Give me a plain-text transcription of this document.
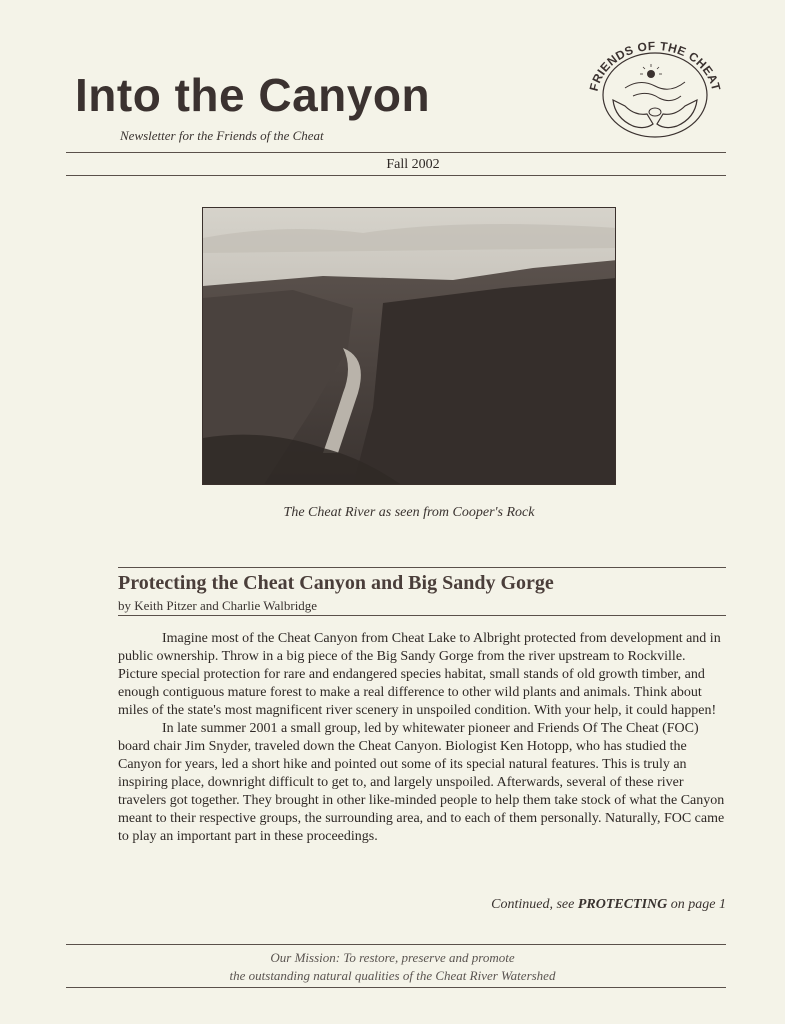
Into the Canyon
Newsletter for the Friends of the Cheat
FRIENDS OF THE CHEAT
Fall 2002
The Cheat River as seen from Cooper's Rock
Protecting the Cheat Canyon and Big Sandy Gorge
by Keith Pitzer and Charlie Walbridge

Imagine most of the Cheat Canyon from Cheat Lake to Albright protected from development and in public ownership. Throw in a big piece of the Big Sandy Gorge from the river upstream to Rockville. Picture special protection for rare and endangered species habitat, small stands of old growth timber, and enough contiguous mature forest to make a real difference to other wild plants and animals. Think about miles of the state's most magnificent river scenery in unspoiled condition. With your help, it could happen!

In late summer 2001 a small group, led by whitewater pioneer and Friends Of The Cheat (FOC) board chair Jim Snyder, traveled down the Cheat Canyon. Biologist Ken Hotopp, who has studied the Canyon for years, led a short hike and pointed out some of its special natural features. This is truly an inspiring place, downright difficult to get to, and largely unspoiled. Afterwards, several of these river travelers got together. They brought in other like-minded people to help them take stock of what the Canyon meant to their respective groups, the surrounding area, and to each of them personally. Naturally, FOC came to play an important part in these proceedings.

Continued, see PROTECTING on page 1
Our Mission: To restore, preserve and promote
the outstanding natural qualities of the Cheat River Watershed
